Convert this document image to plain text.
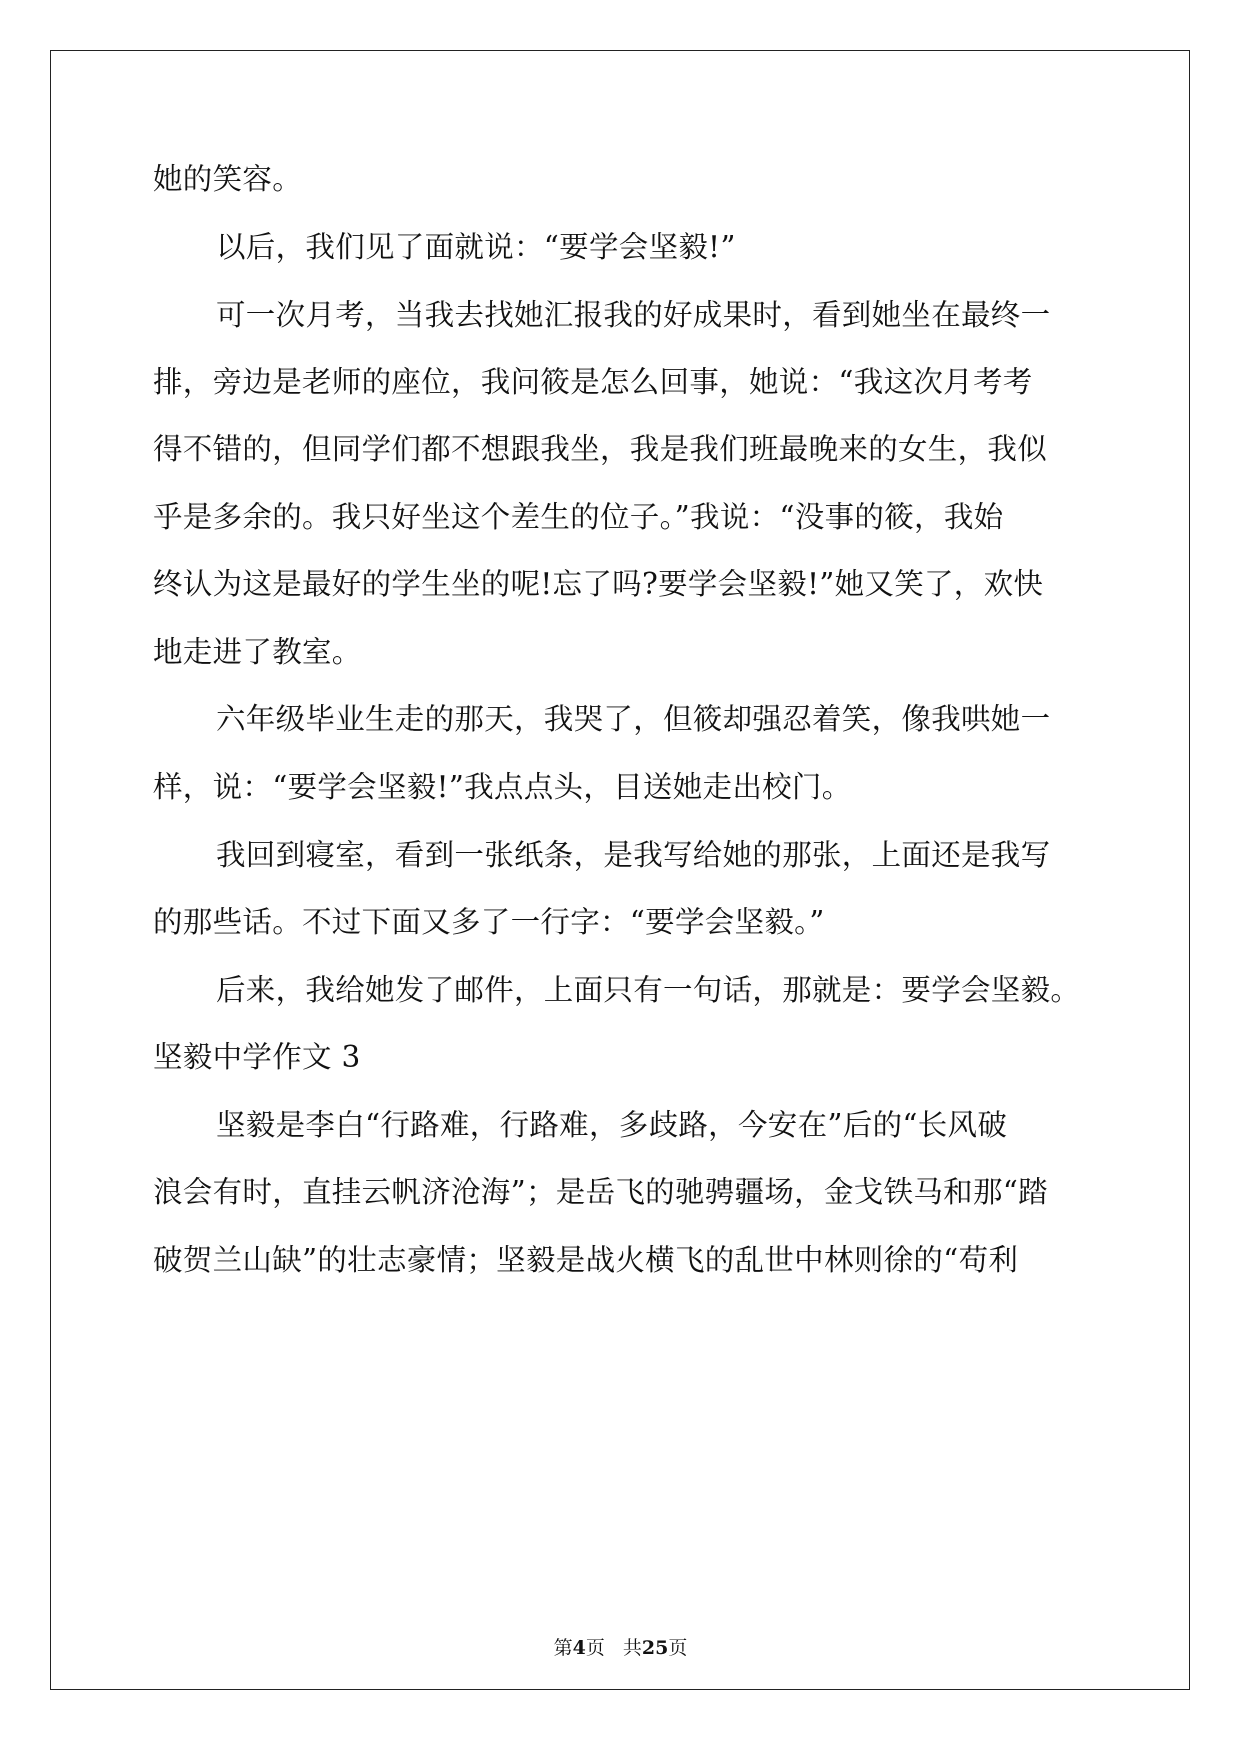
她的笑容。
以后，我们见了面就说：“要学会坚毅!”
可一次月考，当我去找她汇报我的好成果时，看到她坐在最终一
排，旁边是老师的座位，我问筱是怎么回事，她说：“我这次月考考
得不错的，但同学们都不想跟我坐，我是我们班最晚来的女生，我似
乎是多余的。我只好坐这个差生的位子。”我说：“没事的筱，我始
终认为这是最好的学生坐的呢!忘了吗?要学会坚毅!”她又笑了，欢快
地走进了教室。
六年级毕业生走的那天，我哭了，但筱却强忍着笑，像我哄她一
样，说：“要学会坚毅!”我点点头，目送她走出校门。
我回到寝室，看到一张纸条，是我写给她的那张，上面还是我写
的那些话。不过下面又多了一行字：“要学会坚毅。”
后来，我给她发了邮件，上面只有一句话，那就是：要学会坚毅。
坚毅中学作文 3
坚毅是李白“行路难，行路难，多歧路，今安在”后的“长风破
浪会有时，直挂云帆济沧海”；是岳飞的驰骋疆场，金戈铁马和那“踏
破贺兰山缺”的壮志豪情；坚毅是战火横飞的乱世中林则徐的“苟利
第4页 共25页
